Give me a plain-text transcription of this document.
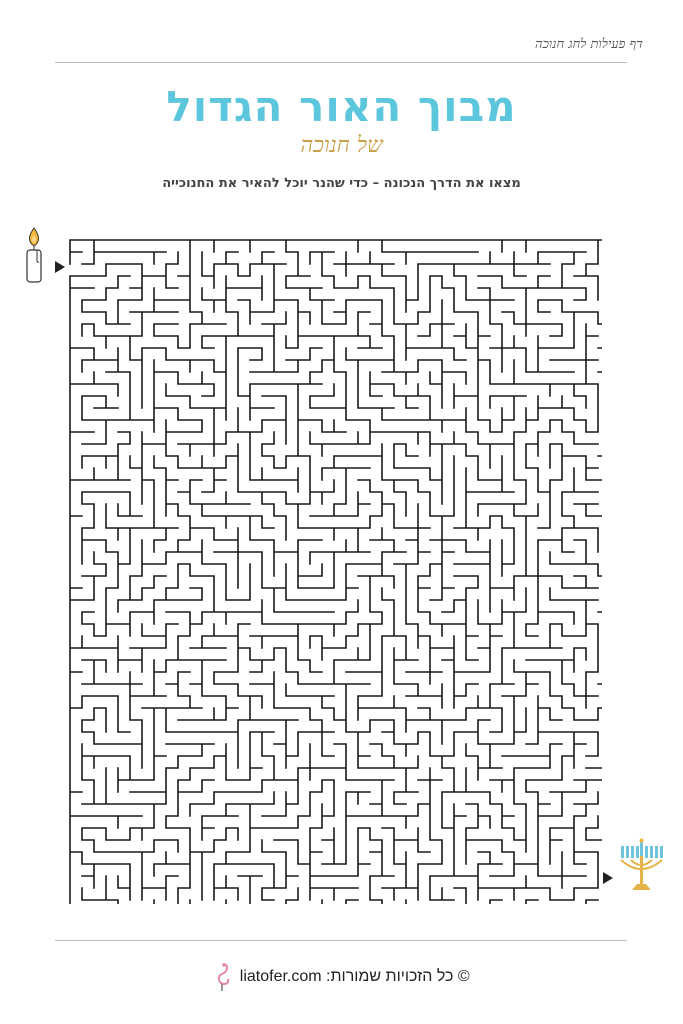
דף פעילות לחג חנוכה
מבוך האור הגדול
של חנוכה
מצאו את הדרך הנכונה – כדי שהנר יוכל להאיר את החנוכייה
liatofer.com © כל הזכויות שמורות:
